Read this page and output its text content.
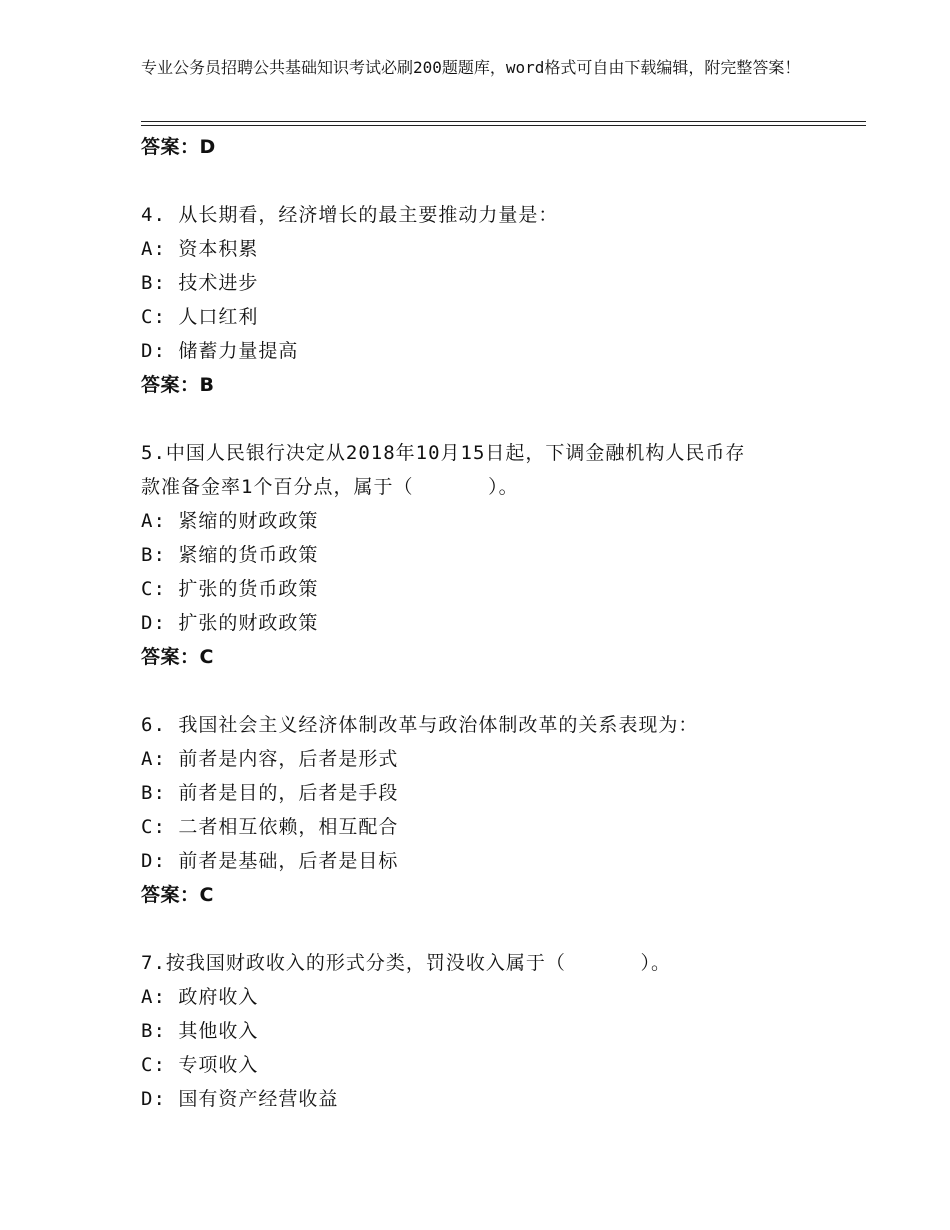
专业公务员招聘公共基础知识考试必刷200题题库，word格式可自由下载编辑，附完整答案！
答案：D
4. 从长期看，经济增长的最主要推动力量是：
A: 资本积累
B: 技术进步
C: 人口红利
D: 储蓄力量提高
答案：B
5.中国人民银行决定从2018年10月15日起，下调金融机构人民币存
款准备金率1个百分点，属于（      ）。
A: 紧缩的财政政策
B: 紧缩的货币政策
C: 扩张的货币政策
D: 扩张的财政政策
答案：C
6. 我国社会主义经济体制改革与政治体制改革的关系表现为：
A: 前者是内容，后者是形式
B: 前者是目的，后者是手段
C: 二者相互依赖，相互配合
D: 前者是基础，后者是目标
答案：C
7.按我国财政收入的形式分类，罚没收入属于（      ）。
A: 政府收入
B: 其他收入
C: 专项收入
D: 国有资产经营收益
